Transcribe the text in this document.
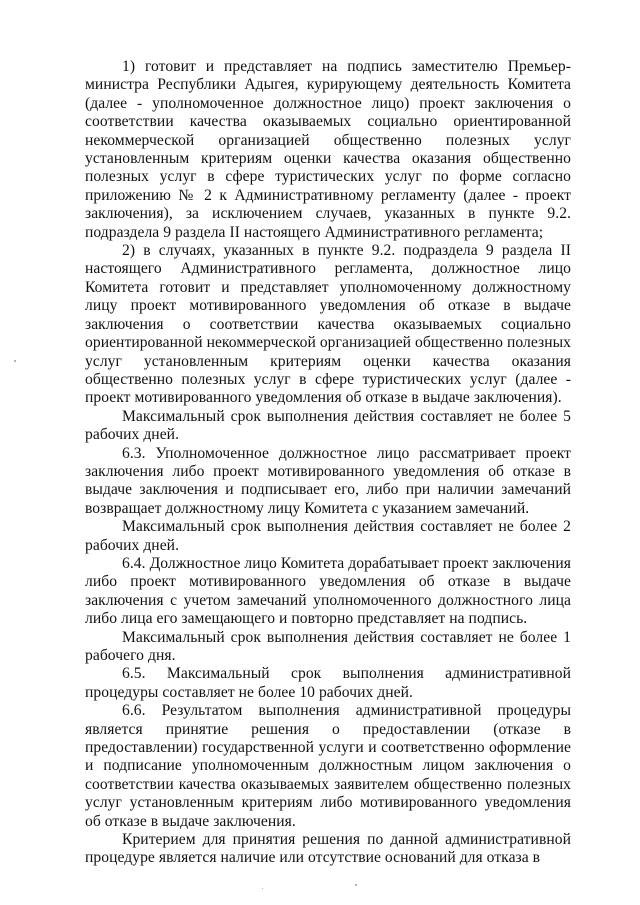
1) готовит и представляет на подпись заместителю Премьер-министра Республики Адыгея, курирующему деятельность Комитета (далее - уполномоченное должностное лицо) проект заключения о соответствии качества оказываемых социально ориентированной некоммерческой организацией общественно полезных услуг установленным критериям оценки качества оказания общественно полезных услуг в сфере туристических услуг по форме согласно приложению № 2 к Административному регламенту (далее - проект заключения), за исключением случаев, указанных в пункте 9.2. подраздела 9 раздела II настоящего Административного регламента;

2) в случаях, указанных в пункте 9.2. подраздела 9 раздела II настоящего Административного регламента, должностное лицо Комитета готовит и представляет уполномоченному должностному лицу проект мотивированного уведомления об отказе в выдаче заключения о соответствии качества оказываемых социально ориентированной некоммерческой организацией общественно полезных услуг установленным критериям оценки качества оказания общественно полезных услуг в сфере туристических услуг (далее - проект мотивированного уведомления об отказе в выдаче заключения).

Максимальный срок выполнения действия составляет не более 5 рабочих дней.

6.3. Уполномоченное должностное лицо рассматривает проект заключения либо проект мотивированного уведомления об отказе в выдаче заключения и подписывает его, либо при наличии замечаний возвращает должностному лицу Комитета с указанием замечаний.

Максимальный срок выполнения действия составляет не более 2 рабочих дней.

6.4. Должностное лицо Комитета дорабатывает проект заключения либо проект мотивированного уведомления об отказе в выдаче заключения с учетом замечаний уполномоченного должностного лица либо лица его замещающего и повторно представляет на подпись.

Максимальный срок выполнения действия составляет не более 1 рабочего дня.

6.5. Максимальный срок выполнения административной процедуры составляет не более 10 рабочих дней.

6.6. Результатом выполнения административной процедуры является принятие решения о предоставлении (отказе в предоставлении) государственной услуги и соответственно оформление и подписание уполномоченным должностным лицом заключения о соответствии качества оказываемых заявителем общественно полезных услуг установленным критериям либо мотивированного уведомления об отказе в выдаче заключения.

Критерием для принятия решения по данной административной процедуре является наличие или отсутствие оснований для отказа в
